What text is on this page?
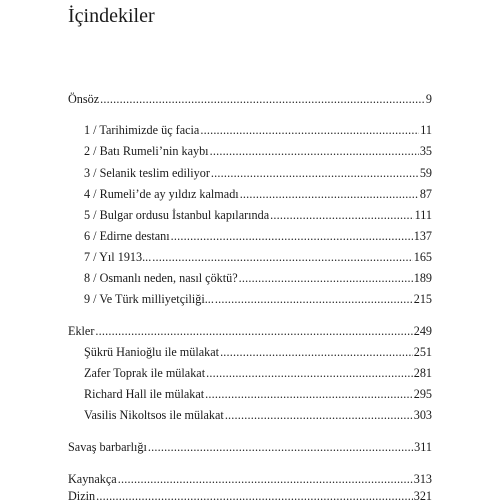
İçindekiler
Önsöz .....	9
1 / Tarihimizde üç facia .....	11
2 / Batı Rumeli’nin kaybı .....	35
3 / Selanik teslim ediliyor .....	59
4 / Rumeli’de ay yıldız kalmadı .....	87
5 / Bulgar ordusu İstanbul kapılarında .....	111
6 / Edirne destanı .....	137
7 / Yıl 1913... .....	165
8 / Osmanlı neden, nasıl çöktü? .....	189
9 / Ve Türk milliyetçiliği... .....	215
Ekler .....	249
Şükrü Hanioğlu ile mülakat .....	251
Zafer Toprak ile mülakat .....	281
Richard Hall ile mülakat .....	295
Vasilis Nikoltsos ile mülakat .....	303
Savaş barbarlığı .....	311
Kaynakça .....	313
Dizin .....	321
